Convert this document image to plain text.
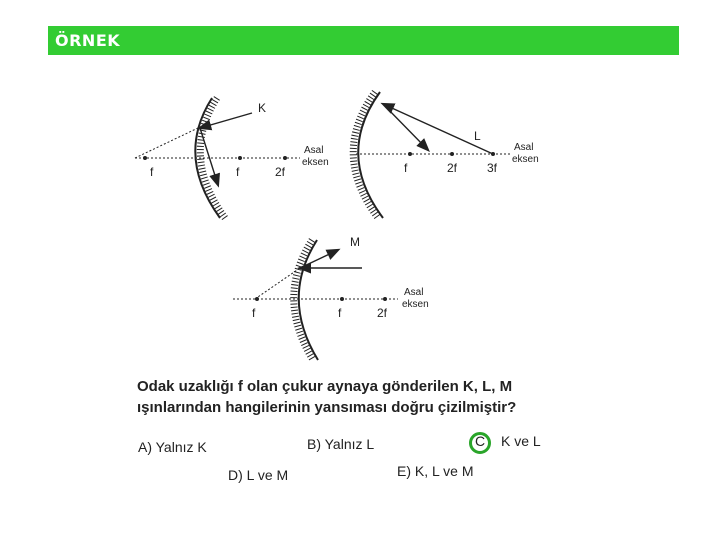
ÖRNEK
K
f	f	2f
Asal
eksen
L
f	2f 3f
Asal
eksen
M
f	f	2f
Asal
eksen
Odak uzaklığı f olan çukur aynaya gönderilen K, L, M ışınlarından hangilerinin yansıması doğru çizilmiştir?
A) Yalnız K	B) Yalnız L	C K ve L
D) L ve M	E) K, L ve M
